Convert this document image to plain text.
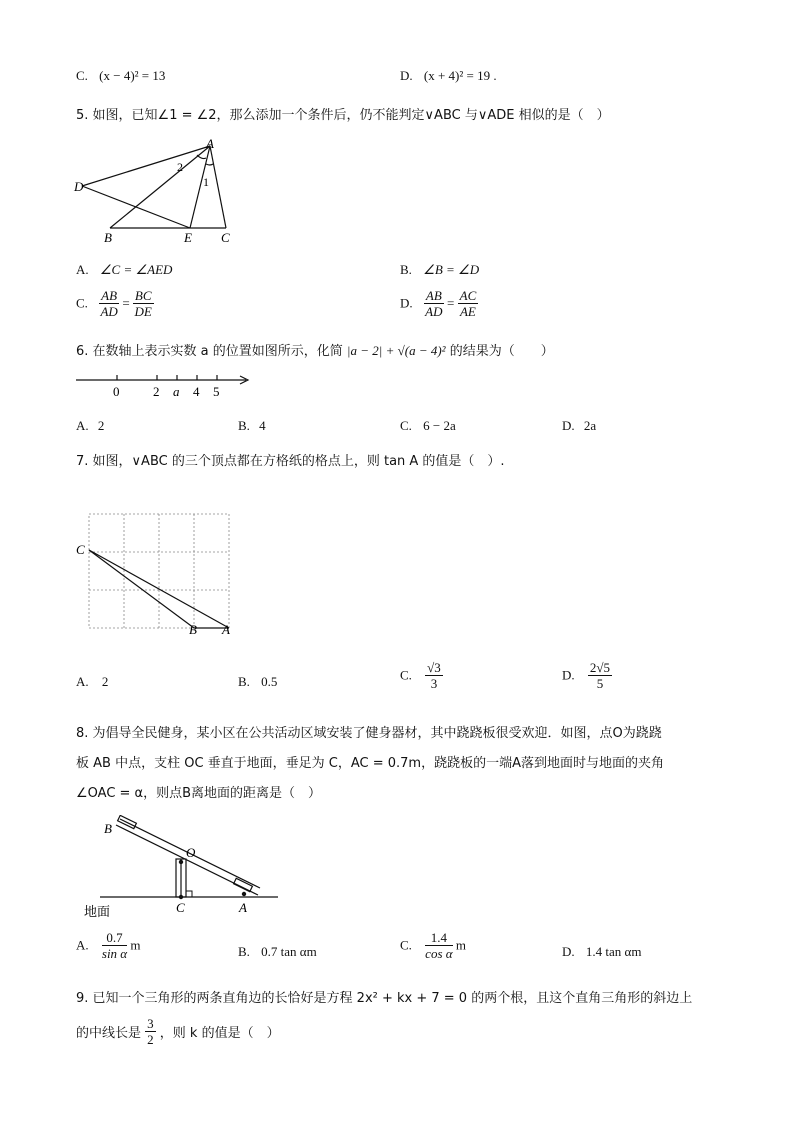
C. (x − 4)² = 13	D. (x + 4)² = 19 .
5. 如图，已知∠1 = ∠2，那么添加一个条件后，仍不能判定∨ABC 与∨ADE 相似的是（　）
A
D
B	E C
2
1
A. ∠C = ∠AED	B. ∠B = ∠D
C. $\frac{AB}{AD} = \frac{BC}{DE}$	D. $\frac{AB}{AD} = \frac{AC}{AE}$
6. 在数轴上表示实数 a 的位置如图所示，化简 |a − 2| + √(a − 4)² 的结果为（　　）
0	2 a 4 5
A. 2	B. 4	C. 6 − 2a	D. 2a
7. 如图，∨ABC 的三个顶点都在方格纸的格点上，则 tan A 的值是（　）.
C
B A
A. 2	B. 0.5	C. $\frac{√3}{3}$	D. $\frac{2√5}{5}$
8. 为倡导全民健身，某小区在公共活动区域安装了健身器材，其中跷跷板很受欢迎．如图，点O为跷跷
板 AB 中点，支柱 OC 垂直于地面，垂足为 C，AC = 0.7m，跷跷板的一端A落到地面时与地面的夹角
∠OAC = α，则点B离地面的距离是（　）
B
O
C	A
地面
A. $\frac{0.7}{\text{sin α}}$ m	B. 0.7 tan αm	C. $\frac{1.4}{\text{cos α}}$ m	D. 1.4 tan αm
9. 已知一个三角形的两条直角边的长恰好是方程 2x² + kx + 7 = 0 的两个根，且这个直角三角形的斜边上
的中线长是 $\frac{3}{2}$ ，则 k 的值是（　）
